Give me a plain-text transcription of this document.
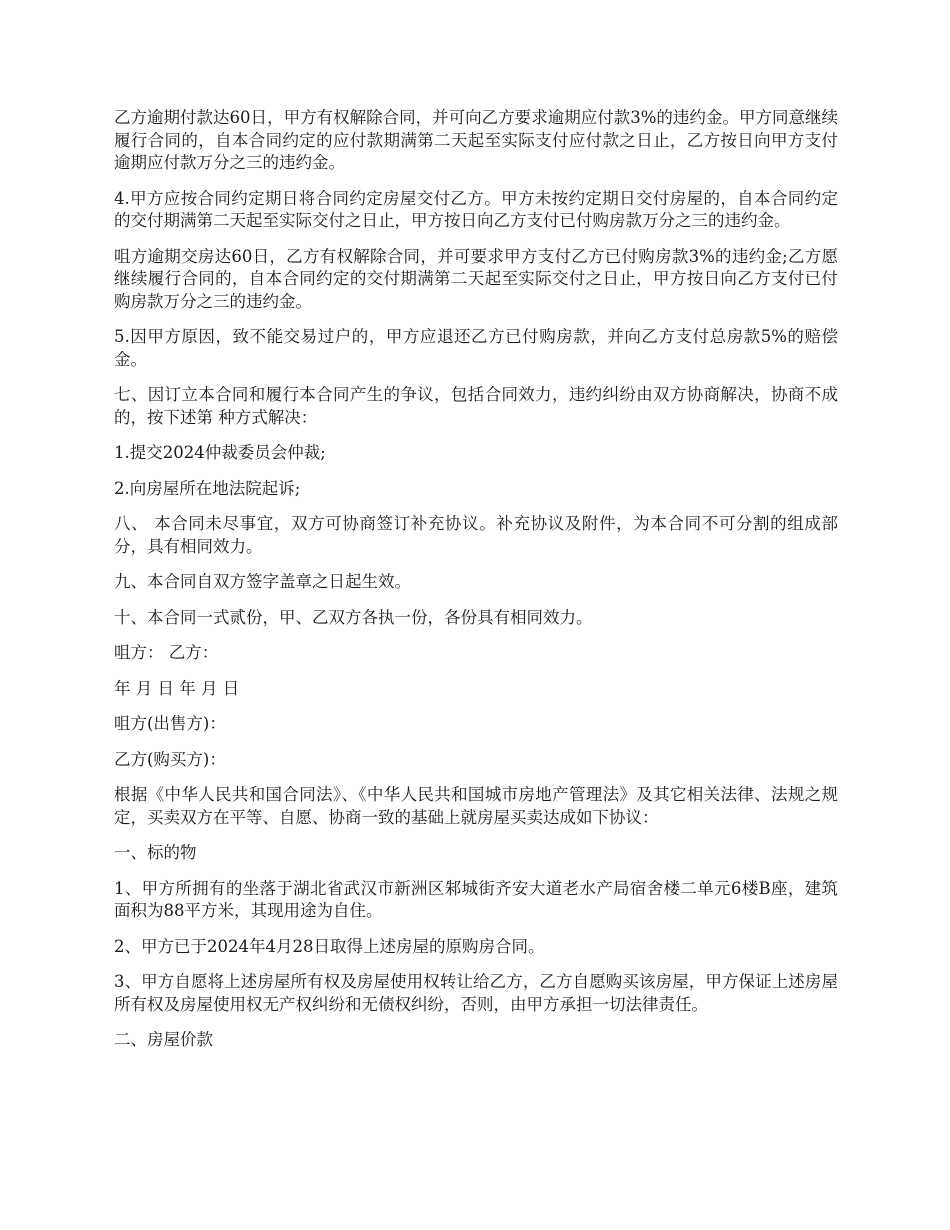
乙方逾期付款达60日，甲方有权解除合同，并可向乙方要求逾期应付款3%的违约金。甲方同意继续履行合同的，自本合同约定的应付款期满第二天起至实际支付应付款之日止，乙方按日向甲方支付逾期应付款万分之三的违约金。

4.甲方应按合同约定期日将合同约定房屋交付乙方。甲方未按约定期日交付房屋的，自本合同约定的交付期满第二天起至实际交付之日止，甲方按日向乙方支付已付购房款万分之三的违约金。

咀方逾期交房达60日，乙方有权解除合同，并可要求甲方支付乙方已付购房款3%的违约金;乙方愿继续履行合同的，自本合同约定的交付期满第二天起至实际交付之日止，甲方按日向乙方支付已付购房款万分之三的违约金。

5.因甲方原因，致不能交易过户的，甲方应退还乙方已付购房款，并向乙方支付总房款5%的赔偿金。

七、因订立本合同和履行本合同产生的争议，包括合同效力，违约纠纷由双方协商解决，协商不成的，按下述第 种方式解决：

1.提交2024仲裁委员会仲裁;

2.向房屋所在地法院起诉;

八、 本合同未尽事宜，双方可协商签订补充协议。补充协议及附件，为本合同不可分割的组成部分，具有相同效力。

九、本合同自双方签字盖章之日起生效。

十、本合同一式贰份，甲、乙双方各执一份，各份具有相同效力。

咀方： 乙方：

年 月 日 年 月 日

咀方(出售方)：

乙方(购买方)：

根据《中华人民共和国合同法》、《中华人民共和国城市房地产管理法》及其它相关法律、法规之规定，买卖双方在平等、自愿、协商一致的基础上就房屋买卖达成如下协议：

一、标的物

1、甲方所拥有的坐落于湖北省武汉市新洲区邾城街齐安大道老水产局宿舍楼二单元6楼B座，建筑面积为88平方米，其现用途为自住。

2、甲方已于2024年4月28日取得上述房屋的原购房合同。

3、甲方自愿将上述房屋所有权及房屋使用权转让给乙方，乙方自愿购买该房屋，甲方保证上述房屋所有权及房屋使用权无产权纠纷和无债权纠纷，否则，由甲方承担一切法律责任。

二、房屋价款
